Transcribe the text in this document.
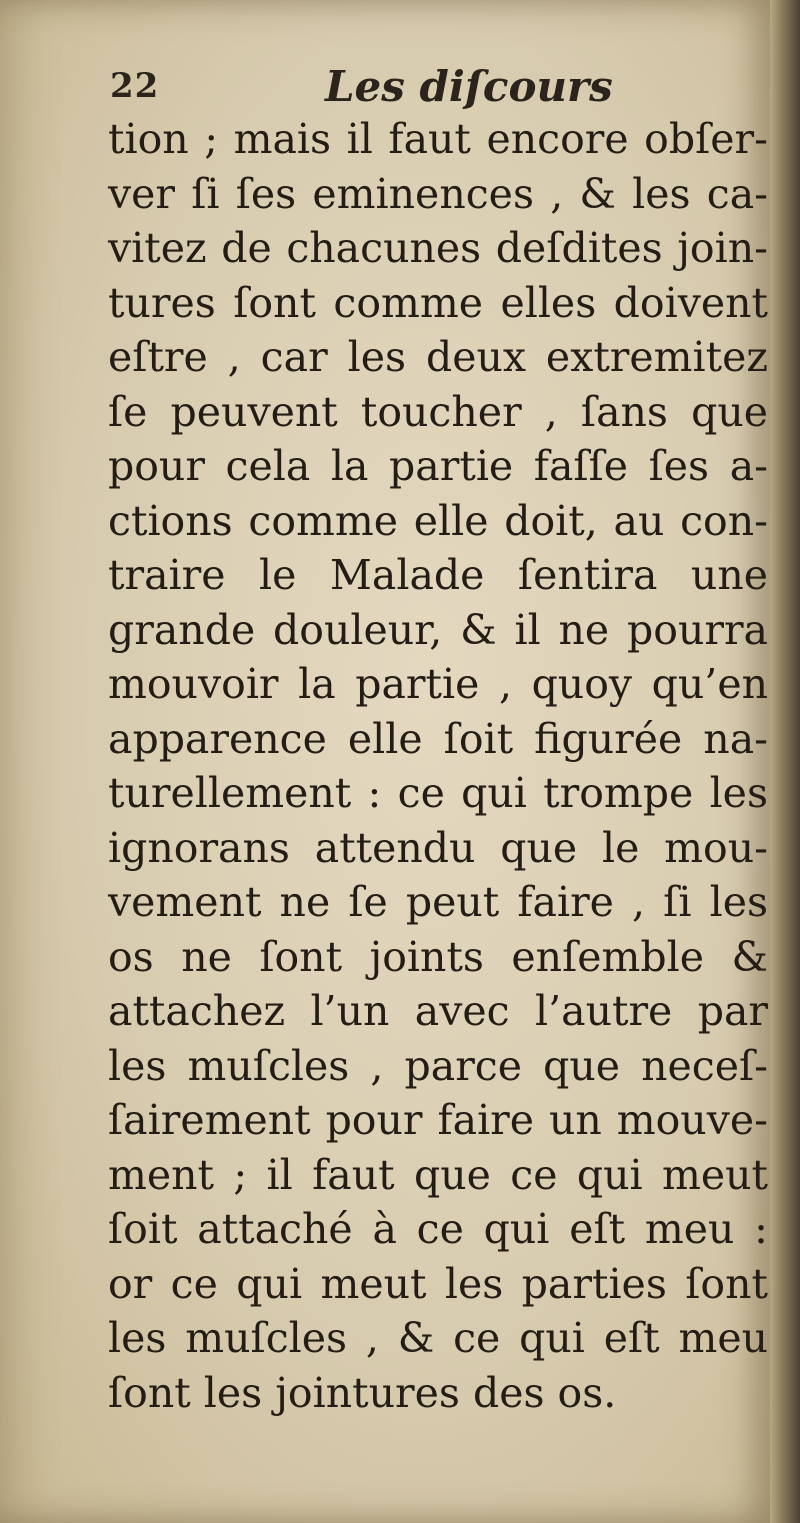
22	Les diſcours
tion ; mais il faut encore obſer-
ver ſi ſes eminences , & les ca-
vitez de chacunes deſdites join-
tures ſont comme elles doivent
eſtre , car les deux extremitez
ſe peuvent toucher , ſans que
pour cela la partie faſſe ſes a-
ctions comme elle doit, au con-
traire le Malade ſentira une
grande douleur, & il ne pourra
mouvoir la partie , quoy qu’en
apparence elle ſoit figurée na-
turellement : ce qui trompe les
ignorans attendu que le mou-
vement ne ſe peut faire , ſi les
os ne ſont joints enſemble &
attachez l’un avec l’autre par
les muſcles , parce que neceſ-
ſairement pour faire un mouve-
ment ; il faut que ce qui meut
ſoit attaché à ce qui eſt meu :
or ce qui meut les parties ſont
les muſcles , & ce qui eſt meu
ſont les jointures des os.
